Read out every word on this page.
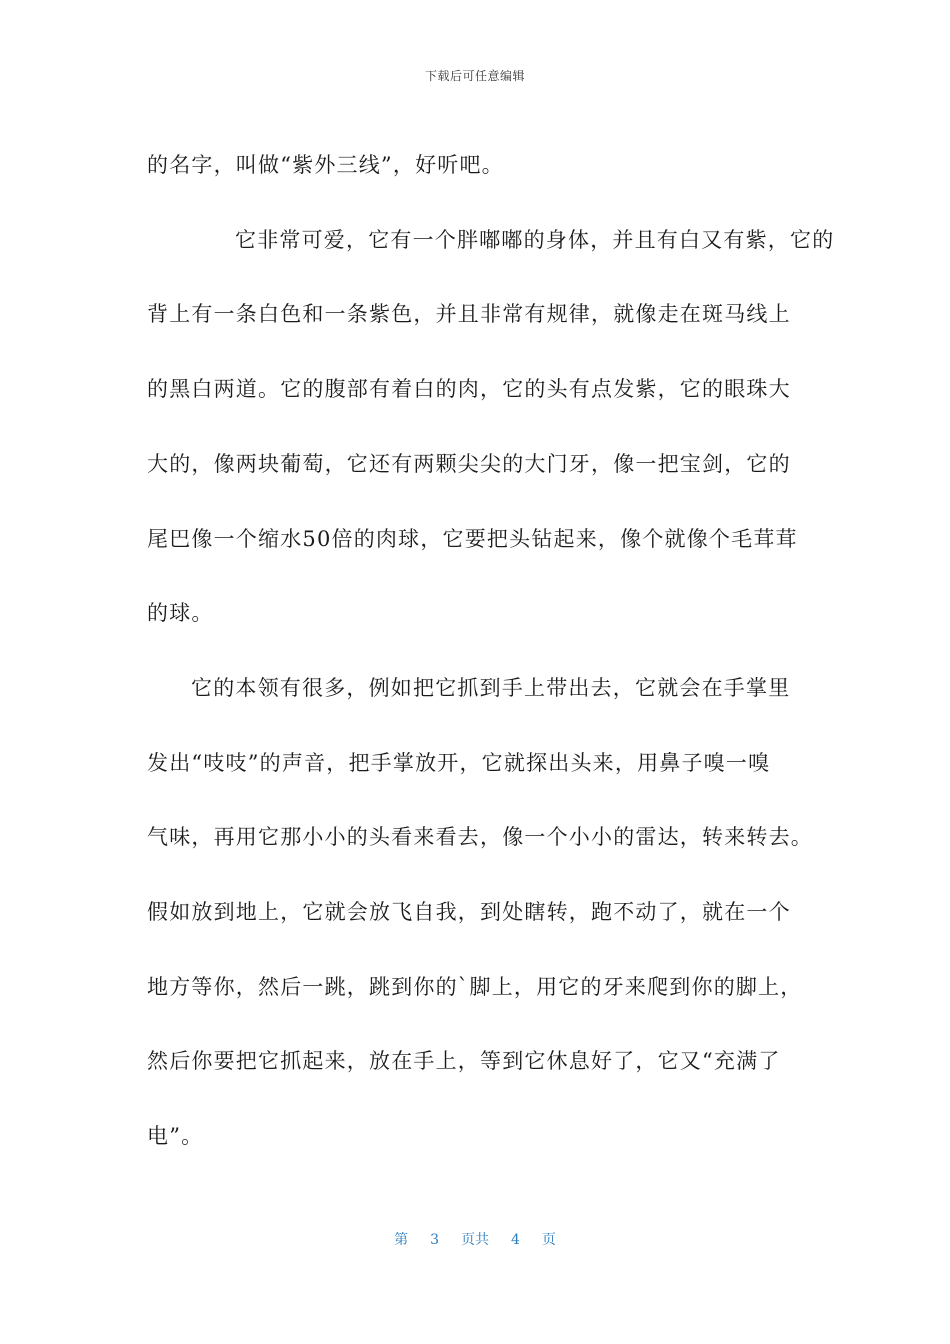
下载后可任意编辑

的名字，叫做“紫外三线”，好听吧。

它非常可爱，它有一个胖嘟嘟的身体，并且有白又有紫，它的
背上有一条白色和一条紫色，并且非常有规律，就像走在斑马线上
的黑白两道。它的腹部有着白的肉，它的头有点发紫，它的眼珠大
大的，像两块葡萄，它还有两颗尖尖的大门牙，像一把宝剑，它的
尾巴像一个缩水50倍的肉球，它要把头钻起来，像个就像个毛茸茸
的球。

它的本领有很多，例如把它抓到手上带出去，它就会在手掌里
发出“吱吱”的声音，把手掌放开，它就探出头来，用鼻子嗅一嗅
气味，再用它那小小的头看来看去，像一个小小的雷达，转来转去。
假如放到地上，它就会放飞自我，到处瞎转，跑不动了，就在一个
地方等你，然后一跳，跳到你的`脚上，用它的牙来爬到你的脚上，
然后你要把它抓起来，放在手上，等到它休息好了，它又“充满了
电”。

第 3 页共 4 页
